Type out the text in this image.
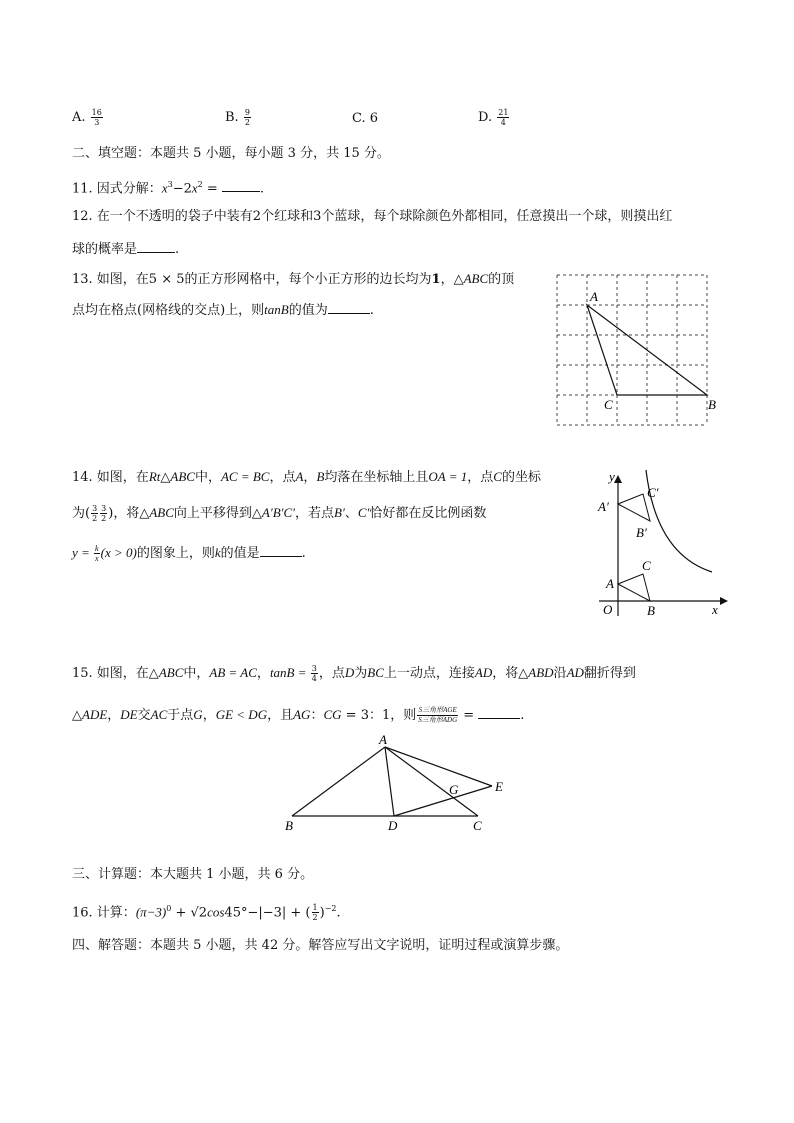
A. $\frac{16}{3}$	B. $\frac{9}{2}$	C. 6	D. $\frac{21}{4}$
二、填空题：本题共 5 小题，每小题 3 分，共 15 分。
11. 因式分解：$x^3-2x^2$ =	.
12. 在一个不透明的袋子中装有2个红球和3个蓝球，每个球除颜色外都相同，任意摸出一个球，则摸出红
球的概率是	.
13. 如图，在5 × 5的正方形网格中，每个小正方形的边长均为1，△ABC的顶
点均在格点(网格线的交点)上，则tanB的值为	.
A
C	B
14. 如图，在Rt△ABC中，AC = BC，点A，B均落在坐标轴上且OA = 1，点C的坐标
为( $\frac{3}{2} \frac{3}{2}$ )，将△ABC向上平移得到△A′B′C′，若点B′、C′恰好都在反比例函数
$y = \frac{k}{x} (x > 0)$的图象上，则k的值是	.
y
x
O
A
B
C
A′
B′
C′
15. 如图，在△ABC中，AB = AC，$\tan B = \frac{3}{4}$ ，点D为BC上一动点，连接AD，将△ABD沿AD翻折得到
△ADE，DE交AC于点G，GE < DG，且AG：CG = 3：1，则 $\frac{\text{S三角形AGE}}{\text{S三角形ADG}}$ =	.
A
B	D	C
E
G
三、计算题：本大题共 1 小题，共 6 分。
16. 计算：$(\pi-3)^0 + √2\cos 45^\circ-|-3|$ + ( $\frac{1}{2} )^{-2}$.
四、解答题：本题共 5 小题，共 42 分。解答应写出文字说明，证明过程或演算步骤。
